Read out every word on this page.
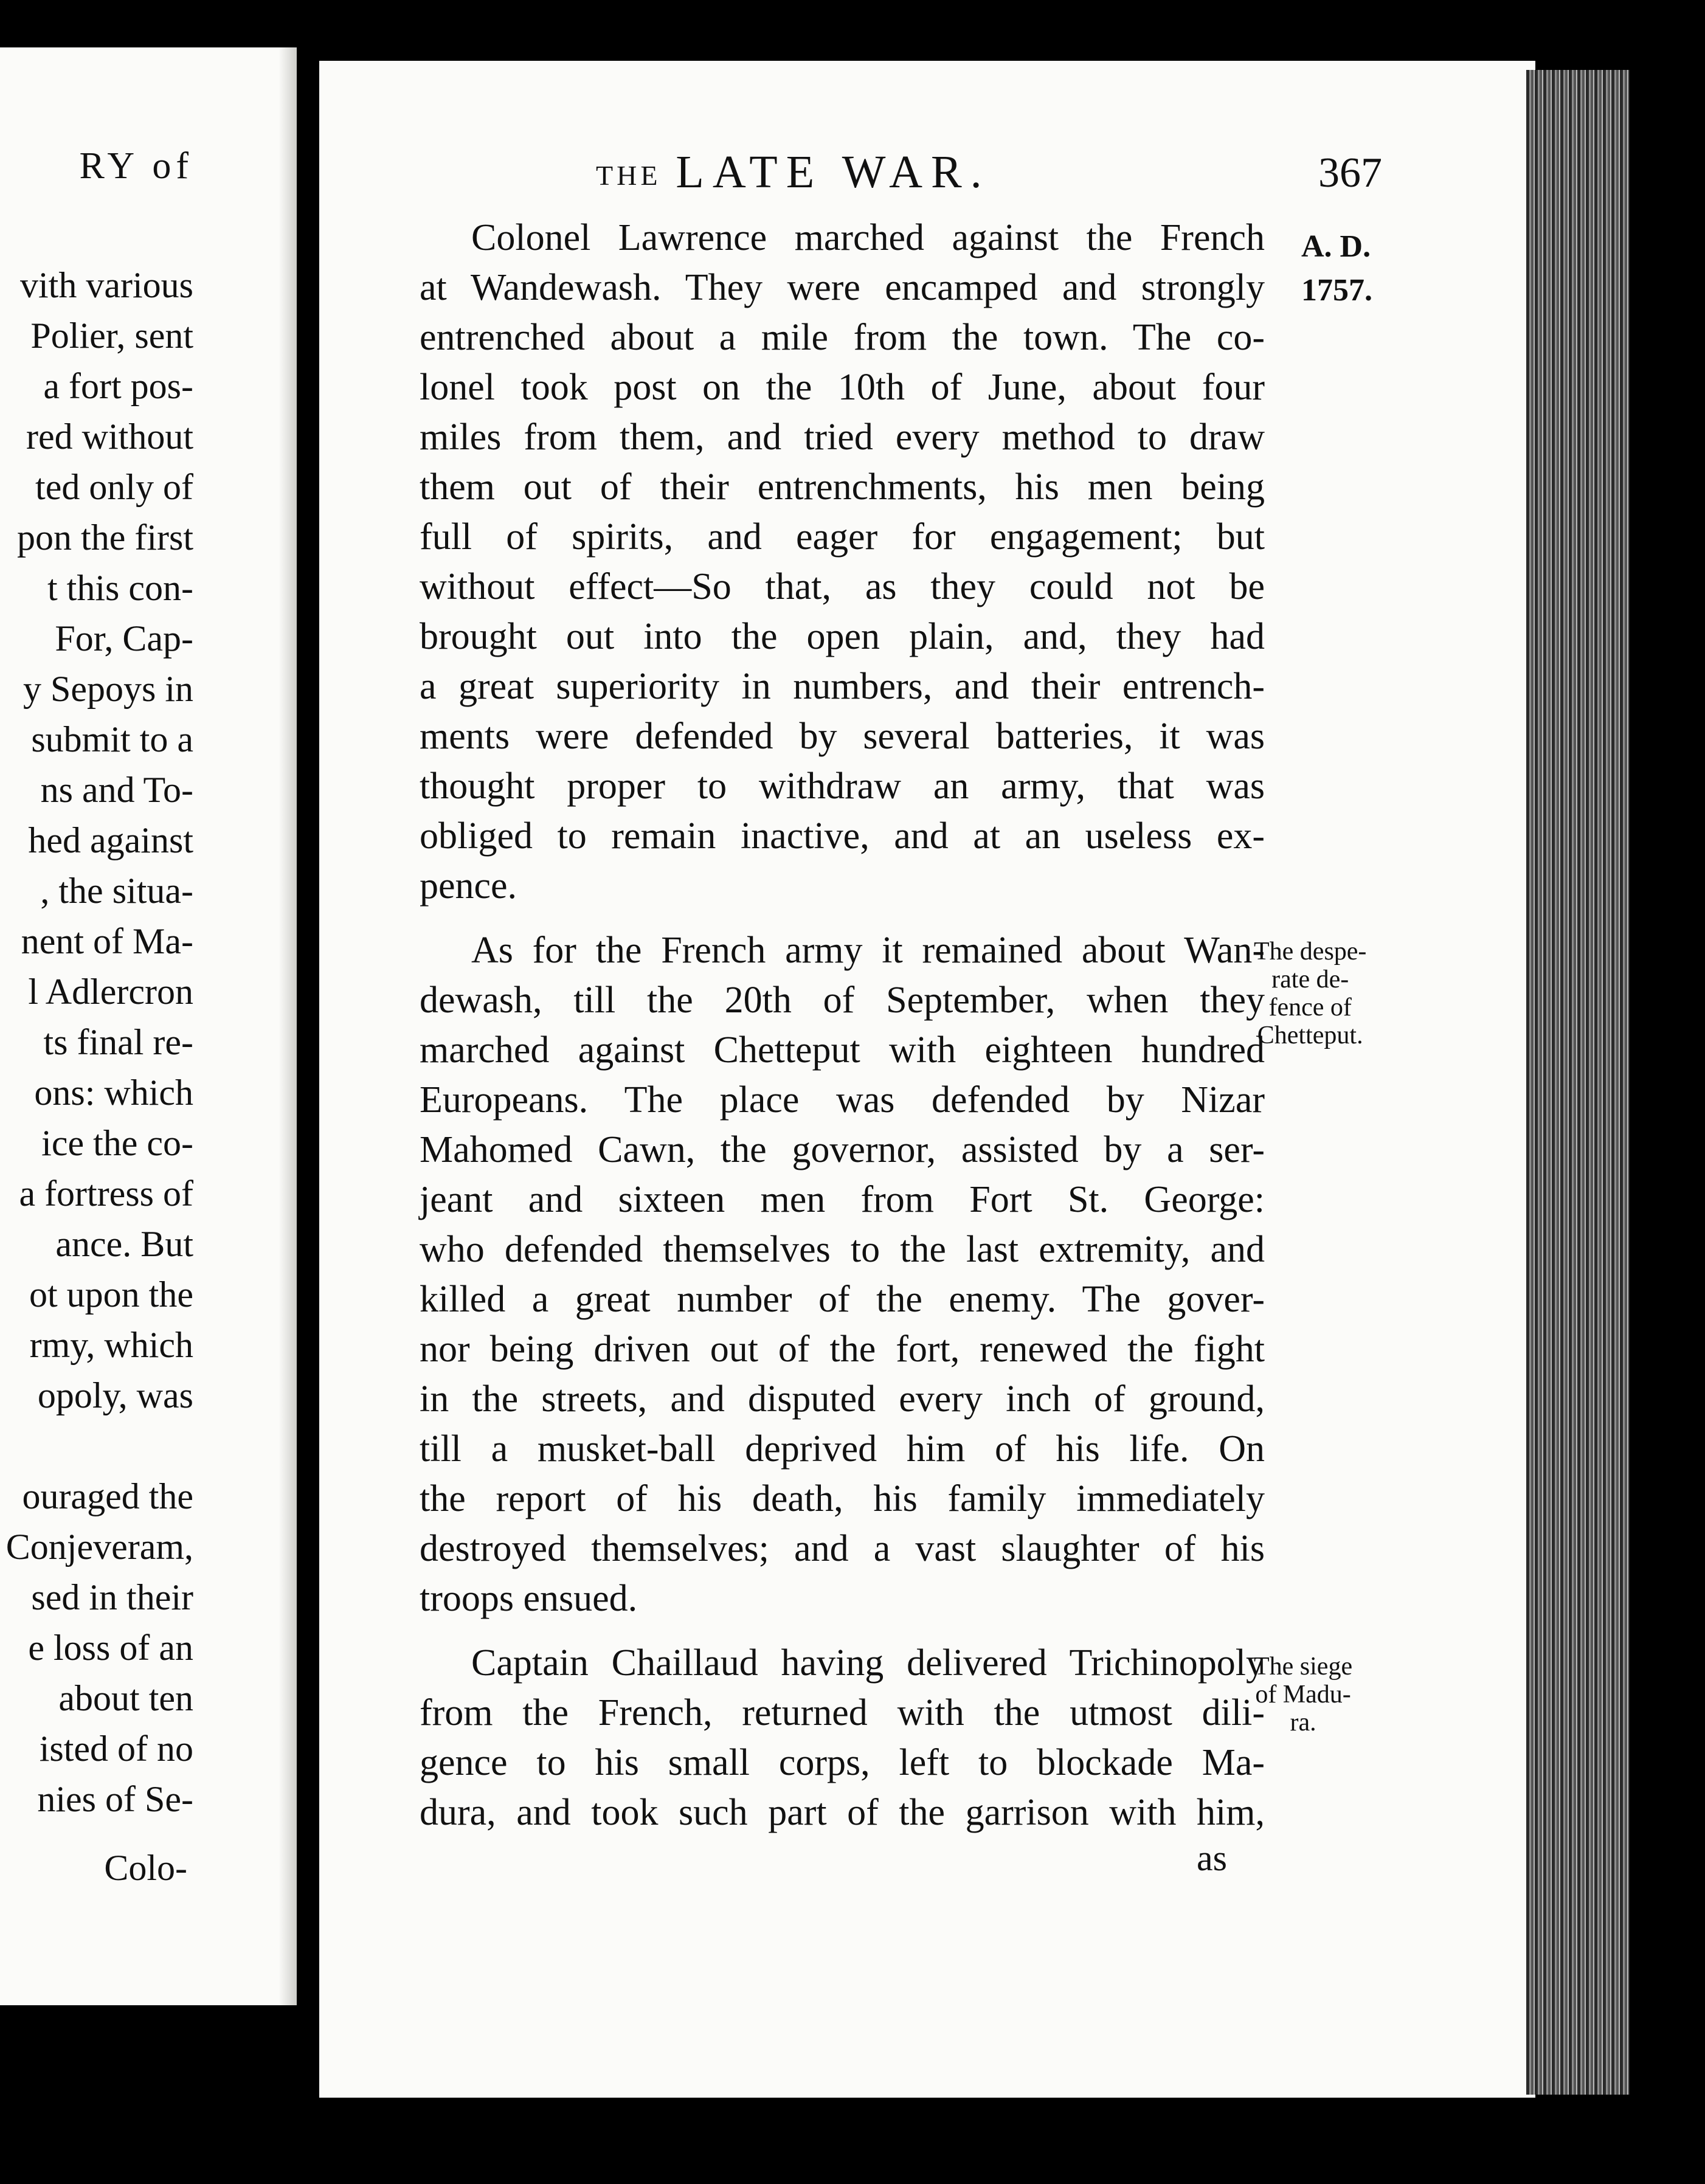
RY of
vith various
Polier, sent
a fort pos-
red without
ted only of
pon the first
t this con-
For, Cap-
y Sepoys in
submit to a
ns and To-
hed against
, the situa-
nent of Ma-
l Adlercron
ts final re-
ons: which
ice the co-
a fortress of
ance. But
ot upon the
rmy, which
opoly, was
ouraged the
Conjeveram,
sed in their
e loss of an
about ten
isted of no
nies of Se-
Colo-
THE LATE WAR.	367
A. D.
1757.
Colonel Lawrence marched against the French
at Wandewash. They were encamped and strongly
entrenched about a mile from the town. The co-
lonel took post on the 10th of June, about four
miles from them, and tried every method to draw
them out of their entrenchments, his men being
full of spirits, and eager for engagement; but
without effect—So that, as they could not be
brought out into the open plain, and, they had
a great superiority in numbers, and their entrench-
ments were defended by several batteries, it was
thought proper to withdraw an army, that was
obliged to remain inactive, and at an useless ex-
pence.
As for the French army it remained about Wan-
dewash, till the 20th of September, when they
marched against Chetteput with eighteen hundred
Europeans. The place was defended by Nizar
Mahomed Cawn, the governor, assisted by a ser-
jeant and sixteen men from Fort St. George:
who defended themselves to the last extremity, and
killed a great number of the enemy. The gover-
nor being driven out of the fort, renewed the fight
in the streets, and disputed every inch of ground,
till a musket-ball deprived him of his life. On
the report of his death, his family immediately
destroyed themselves; and a vast slaughter of his
troops ensued.
Captain Chaillaud having delivered Trichinopoly
from the French, returned with the utmost dili-
gence to his small corps, left to blockade Ma-
dura, and took such part of the garrison with him,
The despe-
rate de-
fence of
Chetteput.
The siege
of Madu-
ra.
as
